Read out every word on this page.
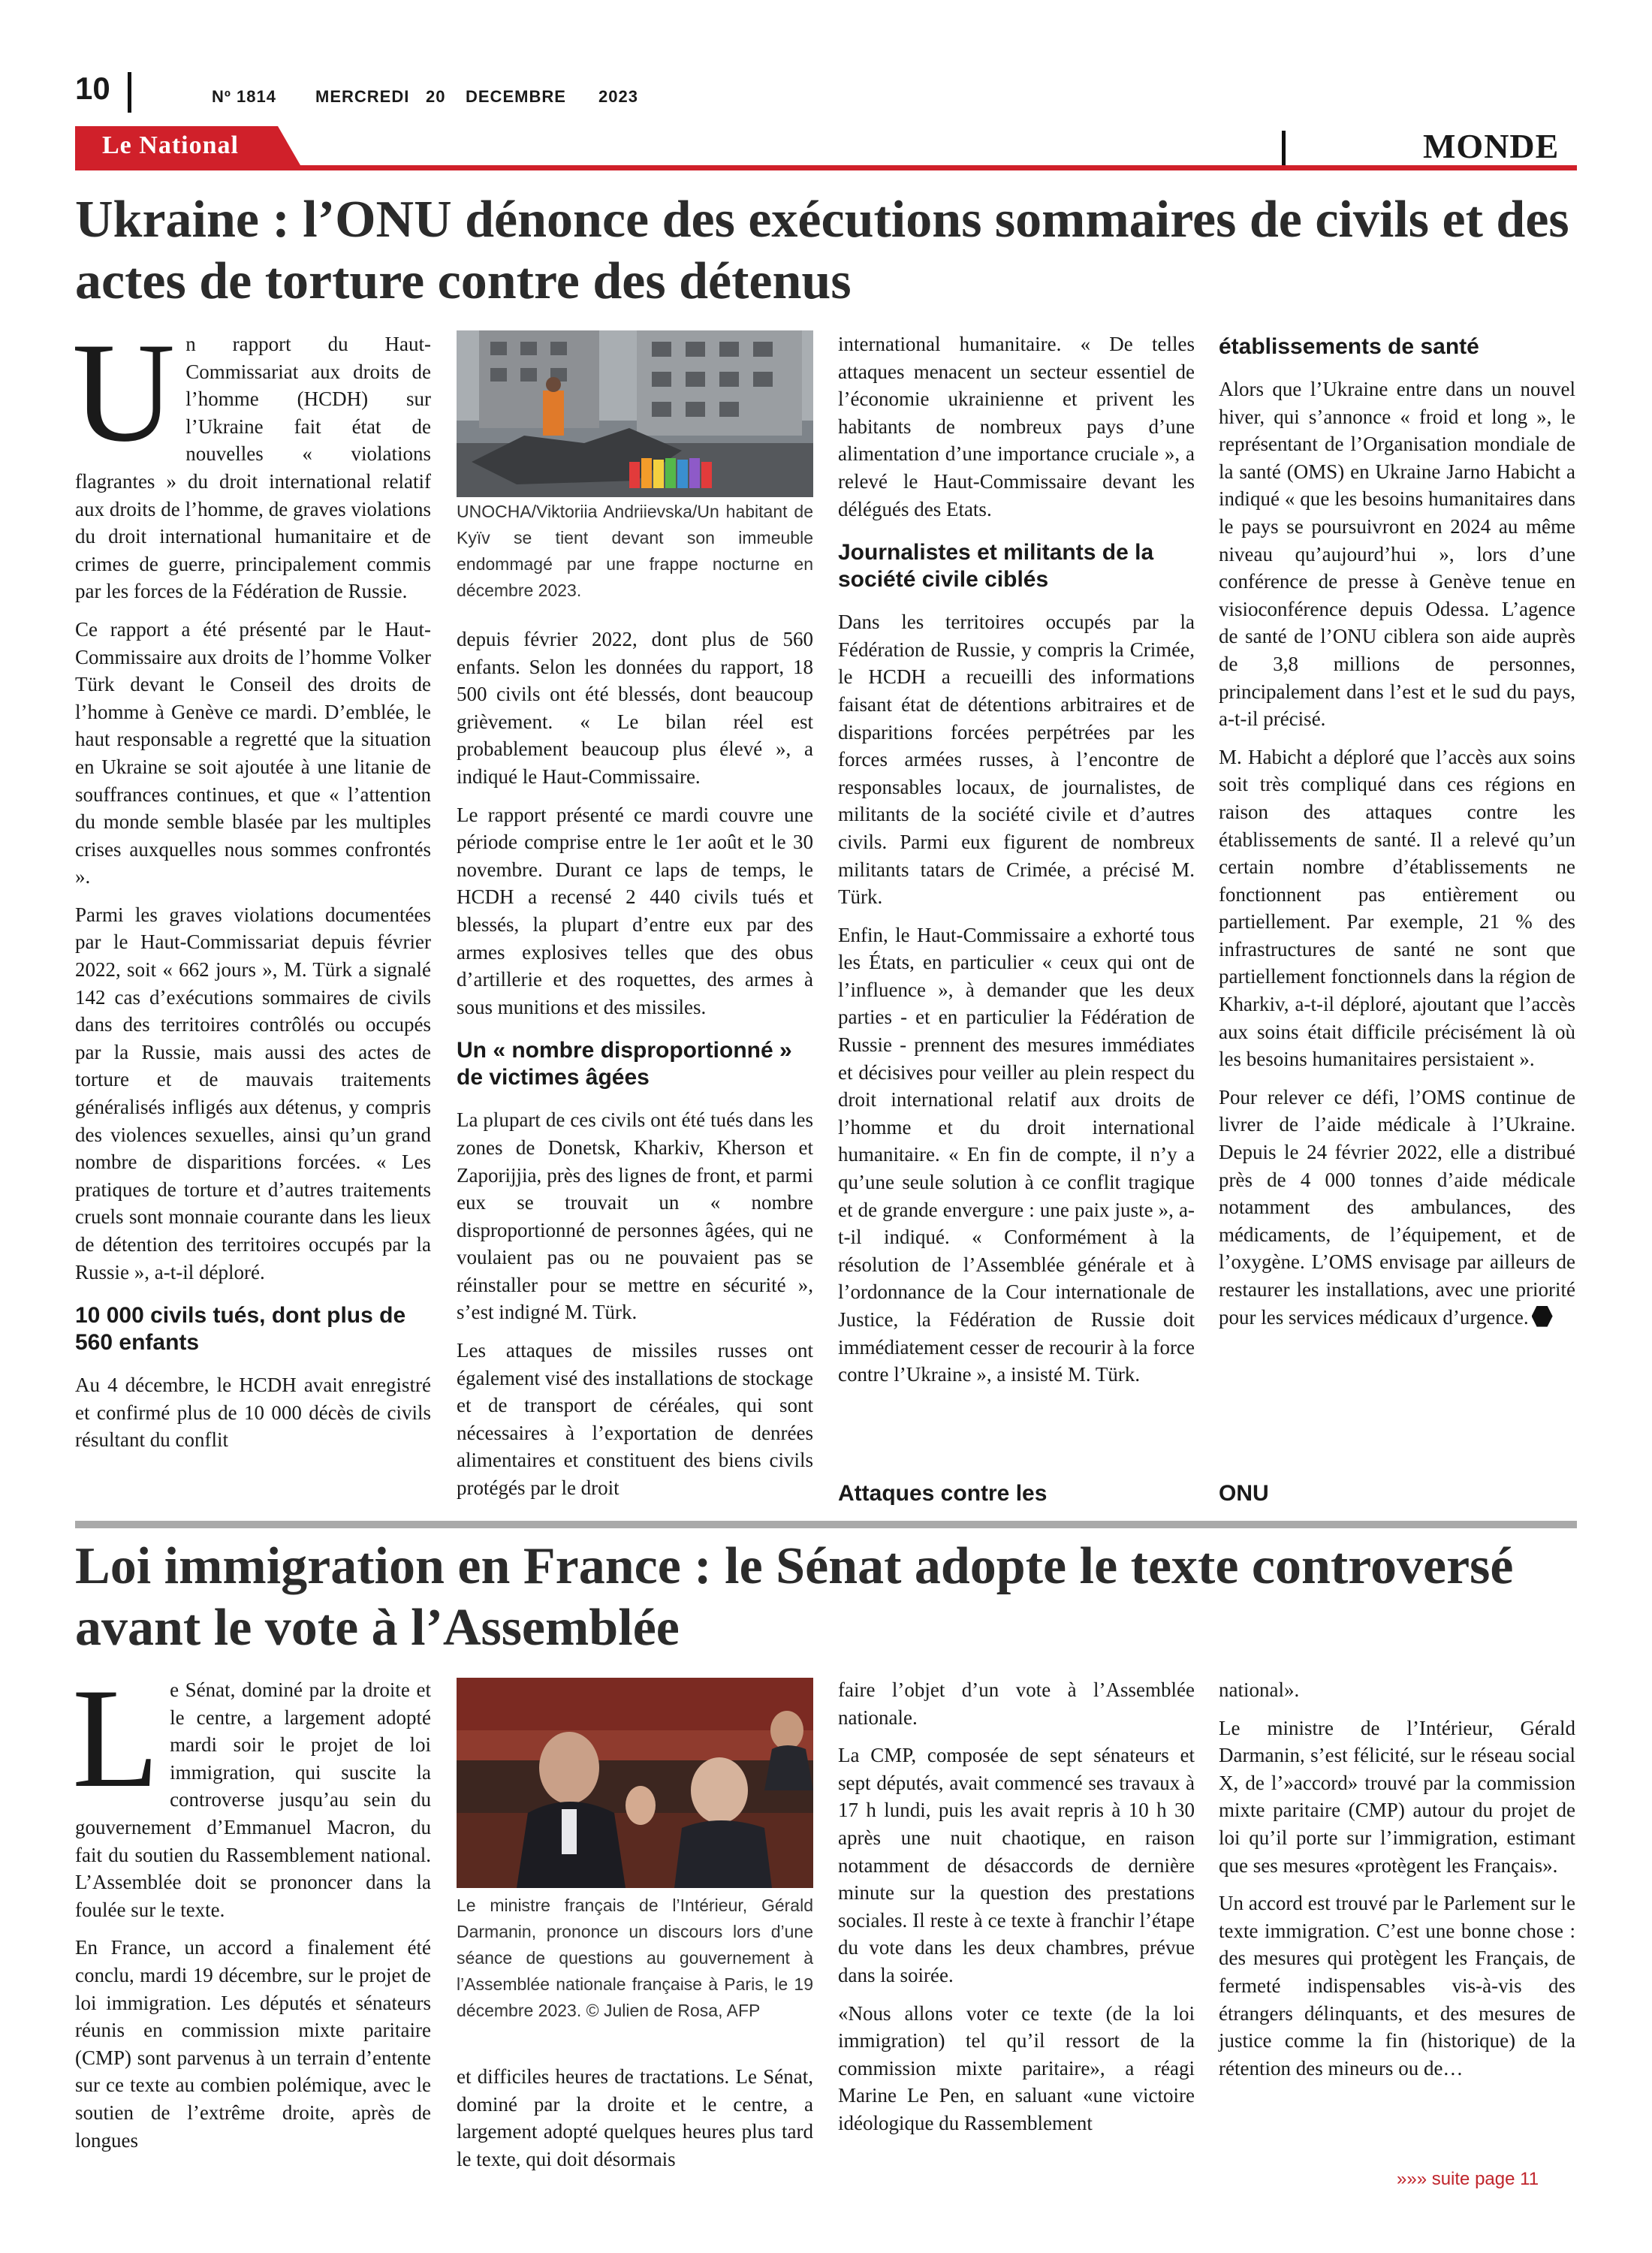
10	Nº 1814 MERCREDI 20 DECEMBRE 2023
Le National	MONDE
Ukraine : l’ONU dénonce des exécutions sommaires de civils et des actes de torture contre des détenus

Un rapport du Haut-Commissariat aux droits de l’homme (HCDH) sur l’Ukraine fait état de nouvelles « violations flagrantes » du droit international relatif aux droits de l’homme, de graves violations du droit international humanitaire et de crimes de guerre, principalement commis par les forces de la Fédération de Russie.

Ce rapport a été présenté par le Haut-Commissaire aux droits de l’homme Volker Türk devant le Conseil des droits de l’homme à Genève ce mardi. D’emblée, le haut responsable a regretté que la situation en Ukraine se soit ajoutée à une litanie de souffrances continues, et que « l’attention du monde semble blasée par les multiples crises auxquelles nous sommes confrontés ».

Parmi les graves violations documentées par le Haut-Commissariat depuis février 2022, soit « 662 jours », M. Türk a signalé 142 cas d’exécutions sommaires de civils dans des territoires contrôlés ou occupés par la Russie, mais aussi des actes de torture et de mauvais traitements généralisés infligés aux détenus, y compris des violences sexuelles, ainsi qu’un grand nombre de disparitions forcées. « Les pratiques de torture et d’autres traitements cruels sont monnaie courante dans les lieux de détention des territoires occupés par la Russie », a-t-il déploré.

10 000 civils tués, dont plus de 560 enfants

Au 4 décembre, le HCDH avait enregistré et confirmé plus de 10 000 décès de civils résultant du conflit

UNOCHA/Viktoriia Andriievska/Un habitant de Kyïv se tient devant son immeuble endommagé par une frappe nocturne en décembre 2023.

depuis février 2022, dont plus de 560 enfants. Selon les données du rapport, 18 500 civils ont été blessés, dont beaucoup grièvement. « Le bilan réel est probablement beaucoup plus élevé », a indiqué le Haut-Commissaire.

Le rapport présenté ce mardi couvre une période comprise entre le 1er août et le 30 novembre. Durant ce laps de temps, le HCDH a recensé 2 440 civils tués et blessés, la plupart d’entre eux par des armes explosives telles que des obus d’artillerie et des roquettes, des armes à sous munitions et des missiles.

Un « nombre disproportionné » de victimes âgées

La plupart de ces civils ont été tués dans les zones de Donetsk, Kharkiv, Kherson et Zaporijjia, près des lignes de front, et parmi eux se trouvait un « nombre disproportionné de personnes âgées, qui ne voulaient pas ou ne pouvaient pas se réinstaller pour se mettre en sécurité », s’est indigné M. Türk.

Les attaques de missiles russes ont également visé des installations de stockage et de transport de céréales, qui sont nécessaires à l’exportation de denrées alimentaires et constituent des biens civils protégés par le droit

international humanitaire. « De telles attaques menacent un secteur essentiel de l’économie ukrainienne et privent les habitants de nombreux pays d’une alimentation d’une importance cruciale », a relevé le Haut-Commissaire devant les délégués des Etats.

Journalistes et militants de la société civile ciblés

Dans les territoires occupés par la Fédération de Russie, y compris la Crimée, le HCDH a recueilli des informations faisant état de détentions arbitraires et de disparitions forcées perpétrées par les forces armées russes, à l’encontre de responsables locaux, de journalistes, de militants de la société civile et d’autres civils. Parmi eux figurent de nombreux militants tatars de Crimée, a précisé M. Türk.

Enfin, le Haut-Commissaire a exhorté tous les États, en particulier « ceux qui ont de l’influence », à demander que les deux parties - et en particulier la Fédération de Russie - prennent des mesures immédiates et décisives pour veiller au plein respect du droit international relatif aux droits de l’homme et du droit international humanitaire. « En fin de compte, il n’y a qu’une seule solution à ce conflit tragique et de grande envergure : une paix juste », a-t-il indiqué. « Conformément à la résolution de l’Assemblée générale et à l’ordonnance de la Cour internationale de Justice, la Fédération de Russie doit immédiatement cesser de recourir à la force contre l’Ukraine », a insisté M. Türk.

Attaques contre les
établissements de santé

Alors que l’Ukraine entre dans un nouvel hiver, qui s’annonce « froid et long », le représentant de l’Organisation mondiale de la santé (OMS) en Ukraine Jarno Habicht a indiqué « que les besoins humanitaires dans le pays se poursuivront en 2024 au même niveau qu’aujourd’hui », lors d’une conférence de presse à Genève tenue en visioconférence depuis Odessa. L’agence de santé de l’ONU ciblera son aide auprès de 3,8 millions de personnes, principalement dans l’est et le sud du pays, a-t-il précisé.

M. Habicht a déploré que l’accès aux soins soit très compliqué dans ces régions en raison des attaques contre les établissements de santé. Il a relevé qu’un certain nombre d’établissements ne fonctionnent pas entièrement ou partiellement. Par exemple, 21 % des infrastructures de santé ne sont que partiellement fonctionnels dans la région de Kharkiv, a-t-il déploré, ajoutant que l’accès aux soins était difficile précisément là où les besoins humanitaires persistaient ».

Pour relever ce défi, l’OMS continue de livrer de l’aide médicale à l’Ukraine. Depuis le 24 février 2022, elle a distribué près de 4 000 tonnes d’aide médicale notamment des ambulances, des médicaments, de l’équipement, et de l’oxygène. L’OMS envisage par ailleurs de restaurer les installations, avec une priorité pour les services médicaux d’urgence.

ONU
Loi immigration en France : le Sénat adopte le texte controversé avant le vote à l’Assemblée

Le Sénat, dominé par la droite et le centre, a largement adopté mardi soir le projet de loi immigration, qui suscite la controverse jusqu’au sein du gouvernement d’Emmanuel Macron, du fait du soutien du Rassemblement national. L’Assemblée doit se prononcer dans la foulée sur le texte.

En France, un accord a finalement été conclu, mardi 19 décembre, sur le projet de loi immigration. Les députés et sénateurs réunis en commission mixte paritaire (CMP) sont parvenus à un terrain d’entente sur ce texte au combien polémique, avec le soutien de l’extrême droite, après de longues

Le ministre français de l’Intérieur, Gérald Darmanin, prononce un discours lors d’une séance de questions au gouvernement à l’Assemblée nationale française à Paris, le 19 décembre 2023. © Julien de Rosa, AFP

et difficiles heures de tractations. Le Sénat, dominé par la droite et le centre, a largement adopté quelques heures plus tard le texte, qui doit désormais

faire l’objet d’un vote à l’Assemblée nationale.

La CMP, composée de sept sénateurs et sept députés, avait commencé ses travaux à 17 h lundi, puis les avait repris à 10 h 30 après une nuit chaotique, en raison notamment de désaccords de dernière minute sur la question des prestations sociales. Il reste à ce texte à franchir l’étape du vote dans les deux chambres, prévue dans la soirée.

«Nous allons voter ce texte (de la loi immigration) tel qu’il ressort de la commission mixte paritaire», a réagi Marine Le Pen, en saluant «une victoire idéologique du Rassemblement

national».

Le ministre de l’Intérieur, Gérald Darmanin, s’est félicité, sur le réseau social X, de l’»accord» trouvé par la commission mixte paritaire (CMP) autour du projet de loi qu’il porte sur l’immigration, estimant que ses mesures «protègent les Français».

Un accord est trouvé par le Parlement sur le texte immigration. C’est une bonne chose : des mesures qui protègent les Français, de fermeté indispensables vis-à-vis des étrangers délinquants, et des mesures de justice comme la fin (historique) de la rétention des mineurs ou de…

»»» suite page 11
